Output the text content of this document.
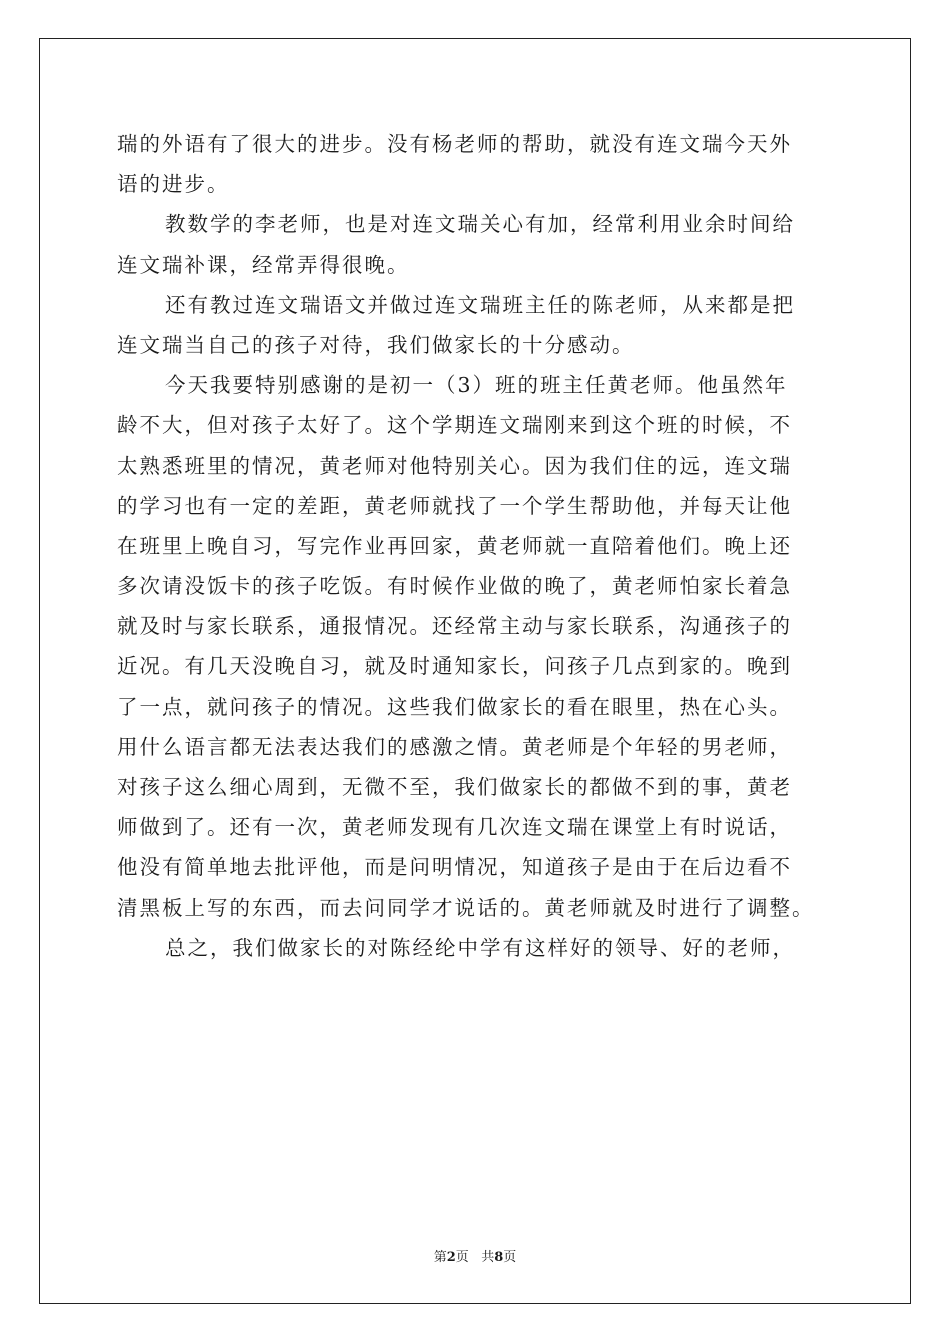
瑞的外语有了很大的进步。没有杨老师的帮助，就没有连文瑞今天外
语的进步。
教数学的李老师，也是对连文瑞关心有加，经常利用业余时间给
连文瑞补课，经常弄得很晚。
还有教过连文瑞语文并做过连文瑞班主任的陈老师，从来都是把
连文瑞当自己的孩子对待，我们做家长的十分感动。
今天我要特别感谢的是初一（3）班的班主任黄老师。他虽然年
龄不大，但对孩子太好了。这个学期连文瑞刚来到这个班的时候，不
太熟悉班里的情况，黄老师对他特别关心。因为我们住的远，连文瑞
的学习也有一定的差距，黄老师就找了一个学生帮助他，并每天让他
在班里上晚自习，写完作业再回家，黄老师就一直陪着他们。晚上还
多次请没饭卡的孩子吃饭。有时候作业做的晚了，黄老师怕家长着急
就及时与家长联系，通报情况。还经常主动与家长联系，沟通孩子的
近况。有几天没晚自习，就及时通知家长，问孩子几点到家的。晚到
了一点，就问孩子的情况。这些我们做家长的看在眼里，热在心头。
用什么语言都无法表达我们的感激之情。黄老师是个年轻的男老师，
对孩子这么细心周到，无微不至，我们做家长的都做不到的事，黄老
师做到了。还有一次，黄老师发现有几次连文瑞在课堂上有时说话，
他没有简单地去批评他，而是问明情况，知道孩子是由于在后边看不
清黑板上写的东西，而去问同学才说话的。黄老师就及时进行了调整。
总之，我们做家长的对陈经纶中学有这样好的领导、好的老师，
第2页 共8页
